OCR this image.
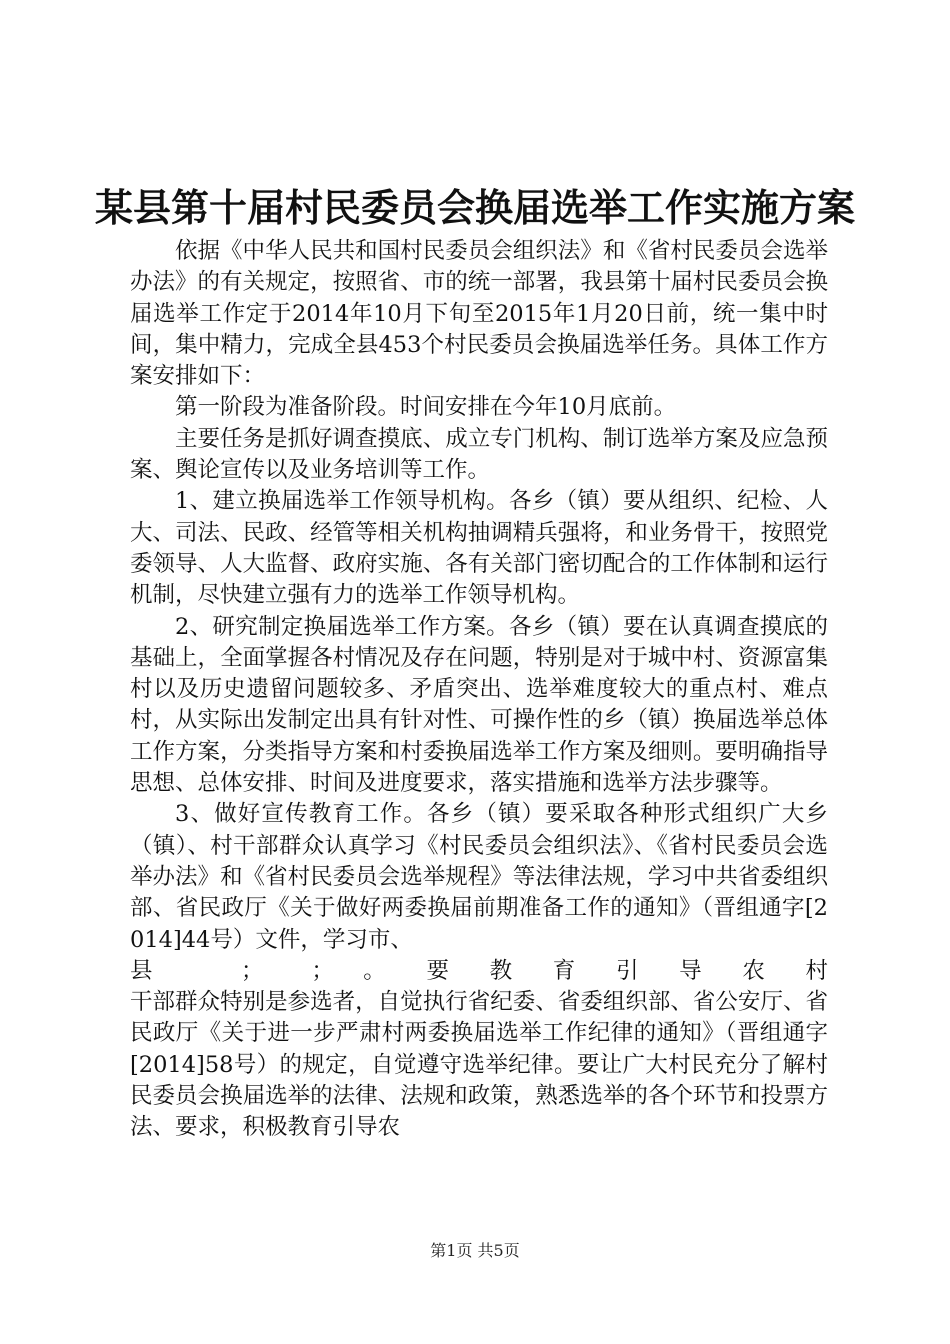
某县第十届村民委员会换届选举工作实施方案

依据《中华人民共和国村民委员会组织法》和《省村民委员会选举办法》的有关规定，按照省、市的统一部署，我县第十届村民委员会换届选举工作定于2014年10月下旬至2015年1月20日前，统一集中时间，集中精力，完成全县453个村民委员会换届选举任务。具体工作方案安排如下：

第一阶段为准备阶段。时间安排在今年10月底前。

主要任务是抓好调查摸底、成立专门机构、制订选举方案及应急预案、舆论宣传以及业务培训等工作。

1、建立换届选举工作领导机构。各乡（镇）要从组织、纪检、人大、司法、民政、经管等相关机构抽调精兵强将，和业务骨干，按照党委领导、人大监督、政府实施、各有关部门密切配合的工作体制和运行机制，尽快建立强有力的选举工作领导机构。

2、研究制定换届选举工作方案。各乡（镇）要在认真调查摸底的基础上，全面掌握各村情况及存在问题，特别是对于城中村、资源富集村以及历史遗留问题较多、矛盾突出、选举难度较大的重点村、难点村，从实际出发制定出具有针对性、可操作性的乡（镇）换届选举总体工作方案，分类指导方案和村委换届选举工作方案及细则。要明确指导思想、总体安排、时间及进度要求，落实措施和选举方法步骤等。

3、做好宣传教育工作。各乡（镇）要采取各种形式组织广大乡（镇）、村干部群众认真学习《村民委员会组织法》、《省村民委员会选举办法》和《省村民委员会选举规程》等法律法规，学习中共省委组织部、省民政厅《关于做好两委换届前期准备工作的通知》（晋组通字[2014]44号）文件，学习市、

县 ； ；。要教育引导农村

干部群众特别是参选者，自觉执行省纪委、省委组织部、省公安厅、省民政厅《关于进一步严肃村两委换届选举工作纪律的通知》（晋组通字[2014]58号）的规定，自觉遵守选举纪律。要让广大村民充分了解村民委员会换届选举的法律、法规和政策，熟悉选举的各个环节和投票方法、要求，积极教育引导农

第1页 共5页
